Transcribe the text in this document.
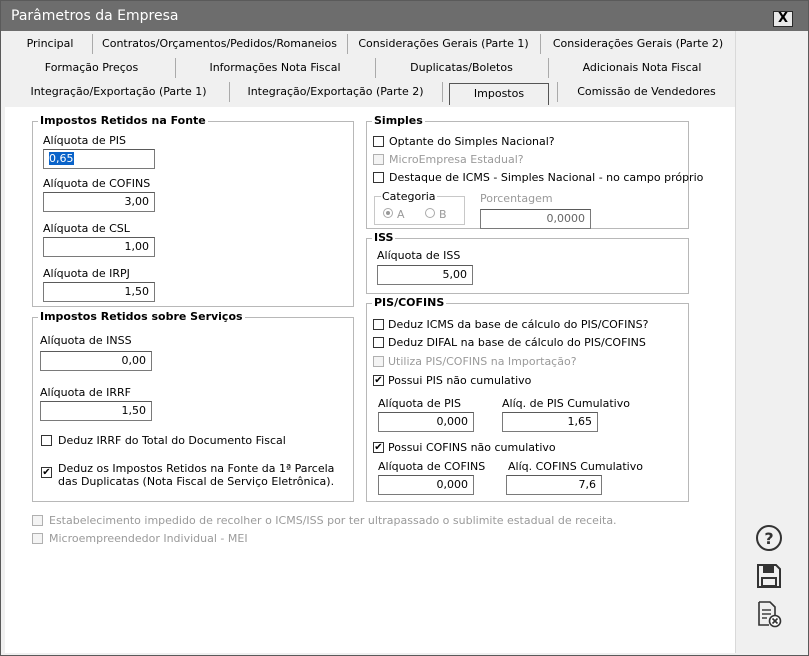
Parâmetros da Empresa	X
Principal	Contratos/Orçamentos/Pedidos/Romaneios	Considerações Gerais (Parte 1)	Considerações Gerais (Parte 2)
Formação Preços	Informações Nota Fiscal	Duplicatas/Boletos	Adicionais Nota Fiscal
Integração/Exportação (Parte 1)	Integração/Exportação (Parte 2)	Impostos	Comissão de Vendedores
Impostos Retidos na Fonte
Alíquota de PIS
0,65
Alíquota de COFINS
3,00
Alíquota de CSL
1,00
Alíquota de IRPJ
1,50
Impostos Retidos sobre Serviços
Alíquota de INSS
0,00
Alíquota de IRRF
1,50
Deduz IRRF do Total do Documento Fiscal
✔ Deduz os Impostos Retidos na Fonte da 1ª Parcela
das Duplicatas (Nota Fiscal de Serviço Eletrônica).
Simples
Optante do Simples Nacional?
MicroEmpresa Estadual?
Destaque de ICMS - Simples Nacional - no campo próprio
Categoria
A	B
Porcentagem
0,0000
ISS
Alíquota de ISS
5,00
PIS/COFINS
Deduz ICMS da base de cálculo do PIS/COFINS?
Deduz DIFAL na base de cálculo do PIS/COFINS
Utiliza PIS/COFINS na Importação?
✔ Possui PIS não cumulativo
Alíquota de PIS
0,000
Alíq. de PIS Cumulativo
1,65
✔ Possui COFINS não cumulativo
Alíquota de COFINS
0,000
Alíq. COFINS Cumulativo
7,6
Estabelecimento impedido de recolher o ICMS/ISS por ter ultrapassado o sublimite estadual de receita.
Microempreendedor Individual - MEI	?
